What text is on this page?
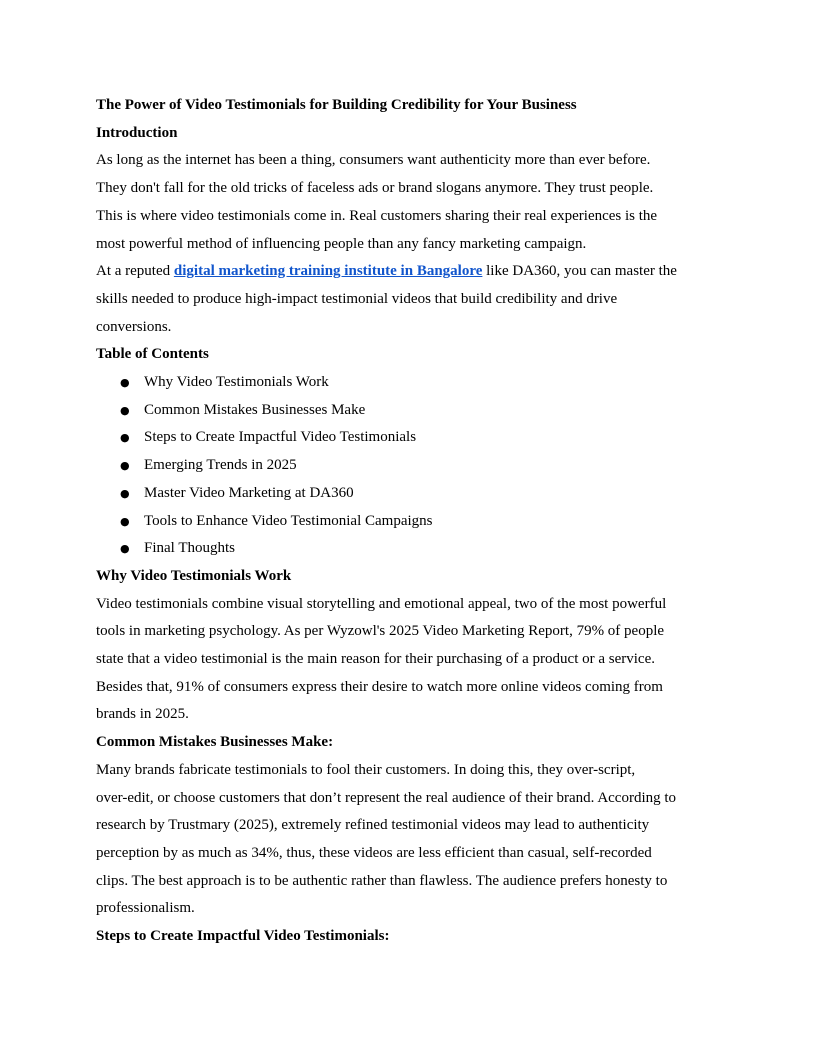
The Power of Video Testimonials for Building Credibility for Your Business
Introduction
As long as the internet has been a thing, consumers want authenticity more than ever before.
They don't fall for the old tricks of faceless ads or brand slogans anymore. They trust people.
This is where video testimonials come in. Real customers sharing their real experiences is the
most powerful method of influencing people than any fancy marketing campaign.
At a reputed digital marketing training institute in Bangalore like DA360, you can master the
skills needed to produce high-impact testimonial videos that build credibility and drive
conversions.
Table of Contents
● Why Video Testimonials Work
● Common Mistakes Businesses Make
● Steps to Create Impactful Video Testimonials
● Emerging Trends in 2025
● Master Video Marketing at DA360
● Tools to Enhance Video Testimonial Campaigns
● Final Thoughts
Why Video Testimonials Work
Video testimonials combine visual storytelling and emotional appeal, two of the most powerful
tools in marketing psychology. As per Wyzowl's 2025 Video Marketing Report, 79% of people
state that a video testimonial is the main reason for their purchasing of a product or a service.
Besides that, 91% of consumers express their desire to watch more online videos coming from
brands in 2025.
Common Mistakes Businesses Make:
Many brands fabricate testimonials to fool their customers. In doing this, they over-script,
over-edit, or choose customers that don’t represent the real audience of their brand. According to
research by Trustmary (2025), extremely refined testimonial videos may lead to authenticity
perception by as much as 34%, thus, these videos are less efficient than casual, self-recorded
clips. The best approach is to be authentic rather than flawless. The audience prefers honesty to
professionalism.
Steps to Create Impactful Video Testimonials:
